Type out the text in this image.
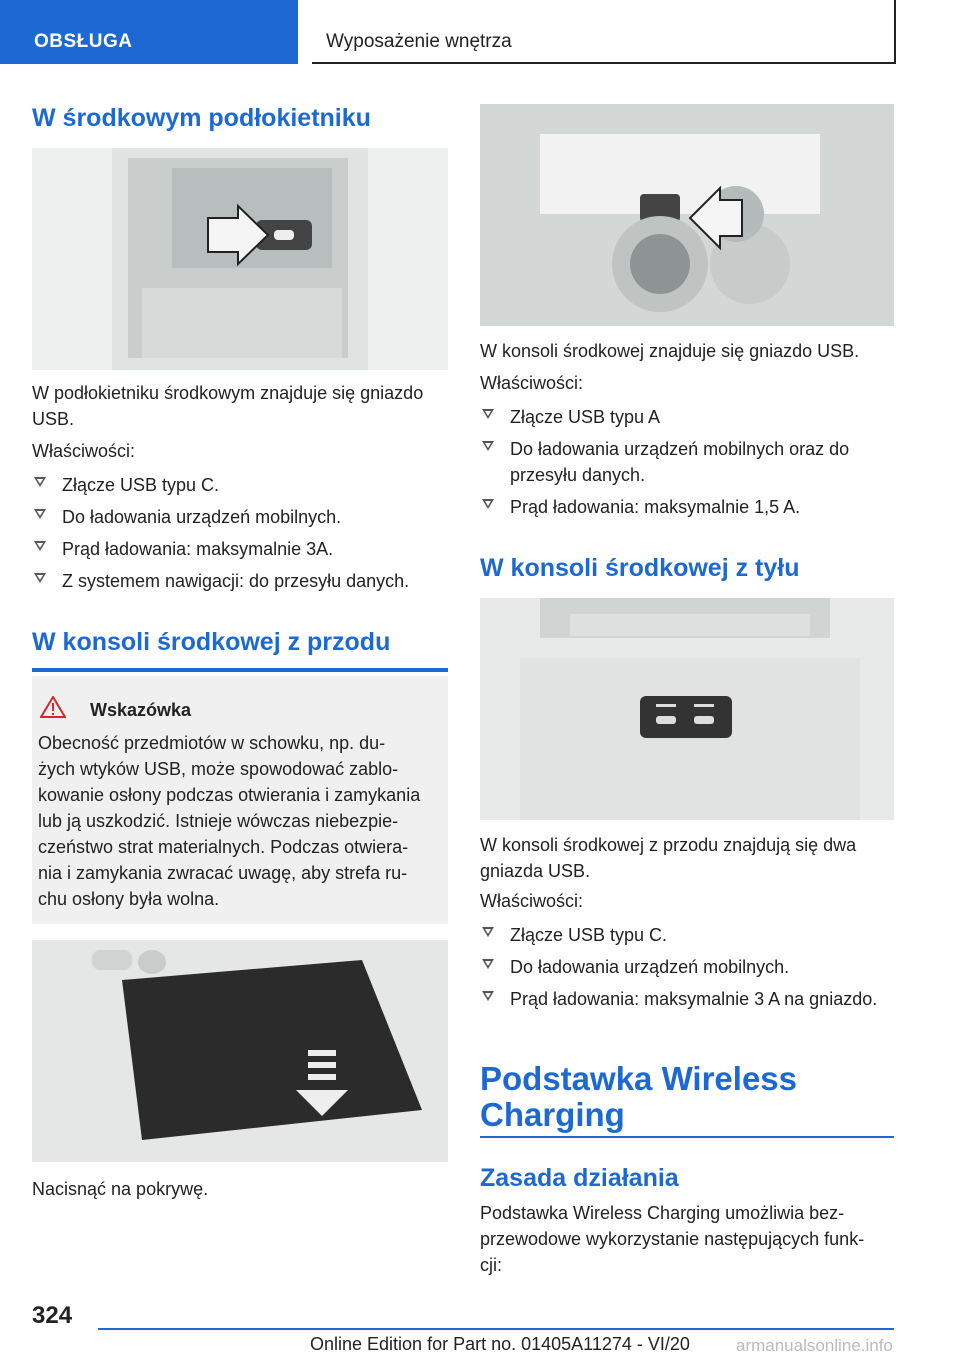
OBSŁUGA	Wyposażenie wnętrza
W środkowym podłokietniku

W podłokietniku środkowym znajduje się gniazdo

USB.

Właściwości:

Złącze USB typu C.
Do ładowania urządzeń mobilnych.
Prąd ładowania: maksymalnie 3A.
Z systemem nawigacji: do przesyłu danych.
W konsoli środkowej z przodu
Wskazówka

Obecność przedmiotów w schowku, np. du-

żych wtyków USB, może spowodować zablo-

kowanie osłony podczas otwierania i zamykania

lub ją uszkodzić. Istnieje wówczas niebezpie-

czeństwo strat materialnych. Podczas otwiera-

nia i zamykania zwracać uwagę, aby strefa ru-

chu osłony była wolna.

Nacisnąć na pokrywę.

W konsoli środkowej znajduje się gniazdo USB.

Właściwości:

Złącze USB typu A
Do ładowania urządzeń mobilnych oraz do
przesyłu danych.
Prąd ładowania: maksymalnie 1,5 A.
W konsoli środkowej z tyłu

W konsoli środkowej z przodu znajdują się dwa

gniazda USB.

Właściwości:

Złącze USB typu C.
Do ładowania urządzeń mobilnych.
Prąd ładowania: maksymalnie 3 A na gniazdo.
Podstawka Wireless
Charging
Zasada działania

Podstawka Wireless Charging umożliwia bez-

przewodowe wykorzystanie następujących funk-

cji:

324
Online Edition for Part no. 01405A11274 - VI/20	armanualsonline.info
